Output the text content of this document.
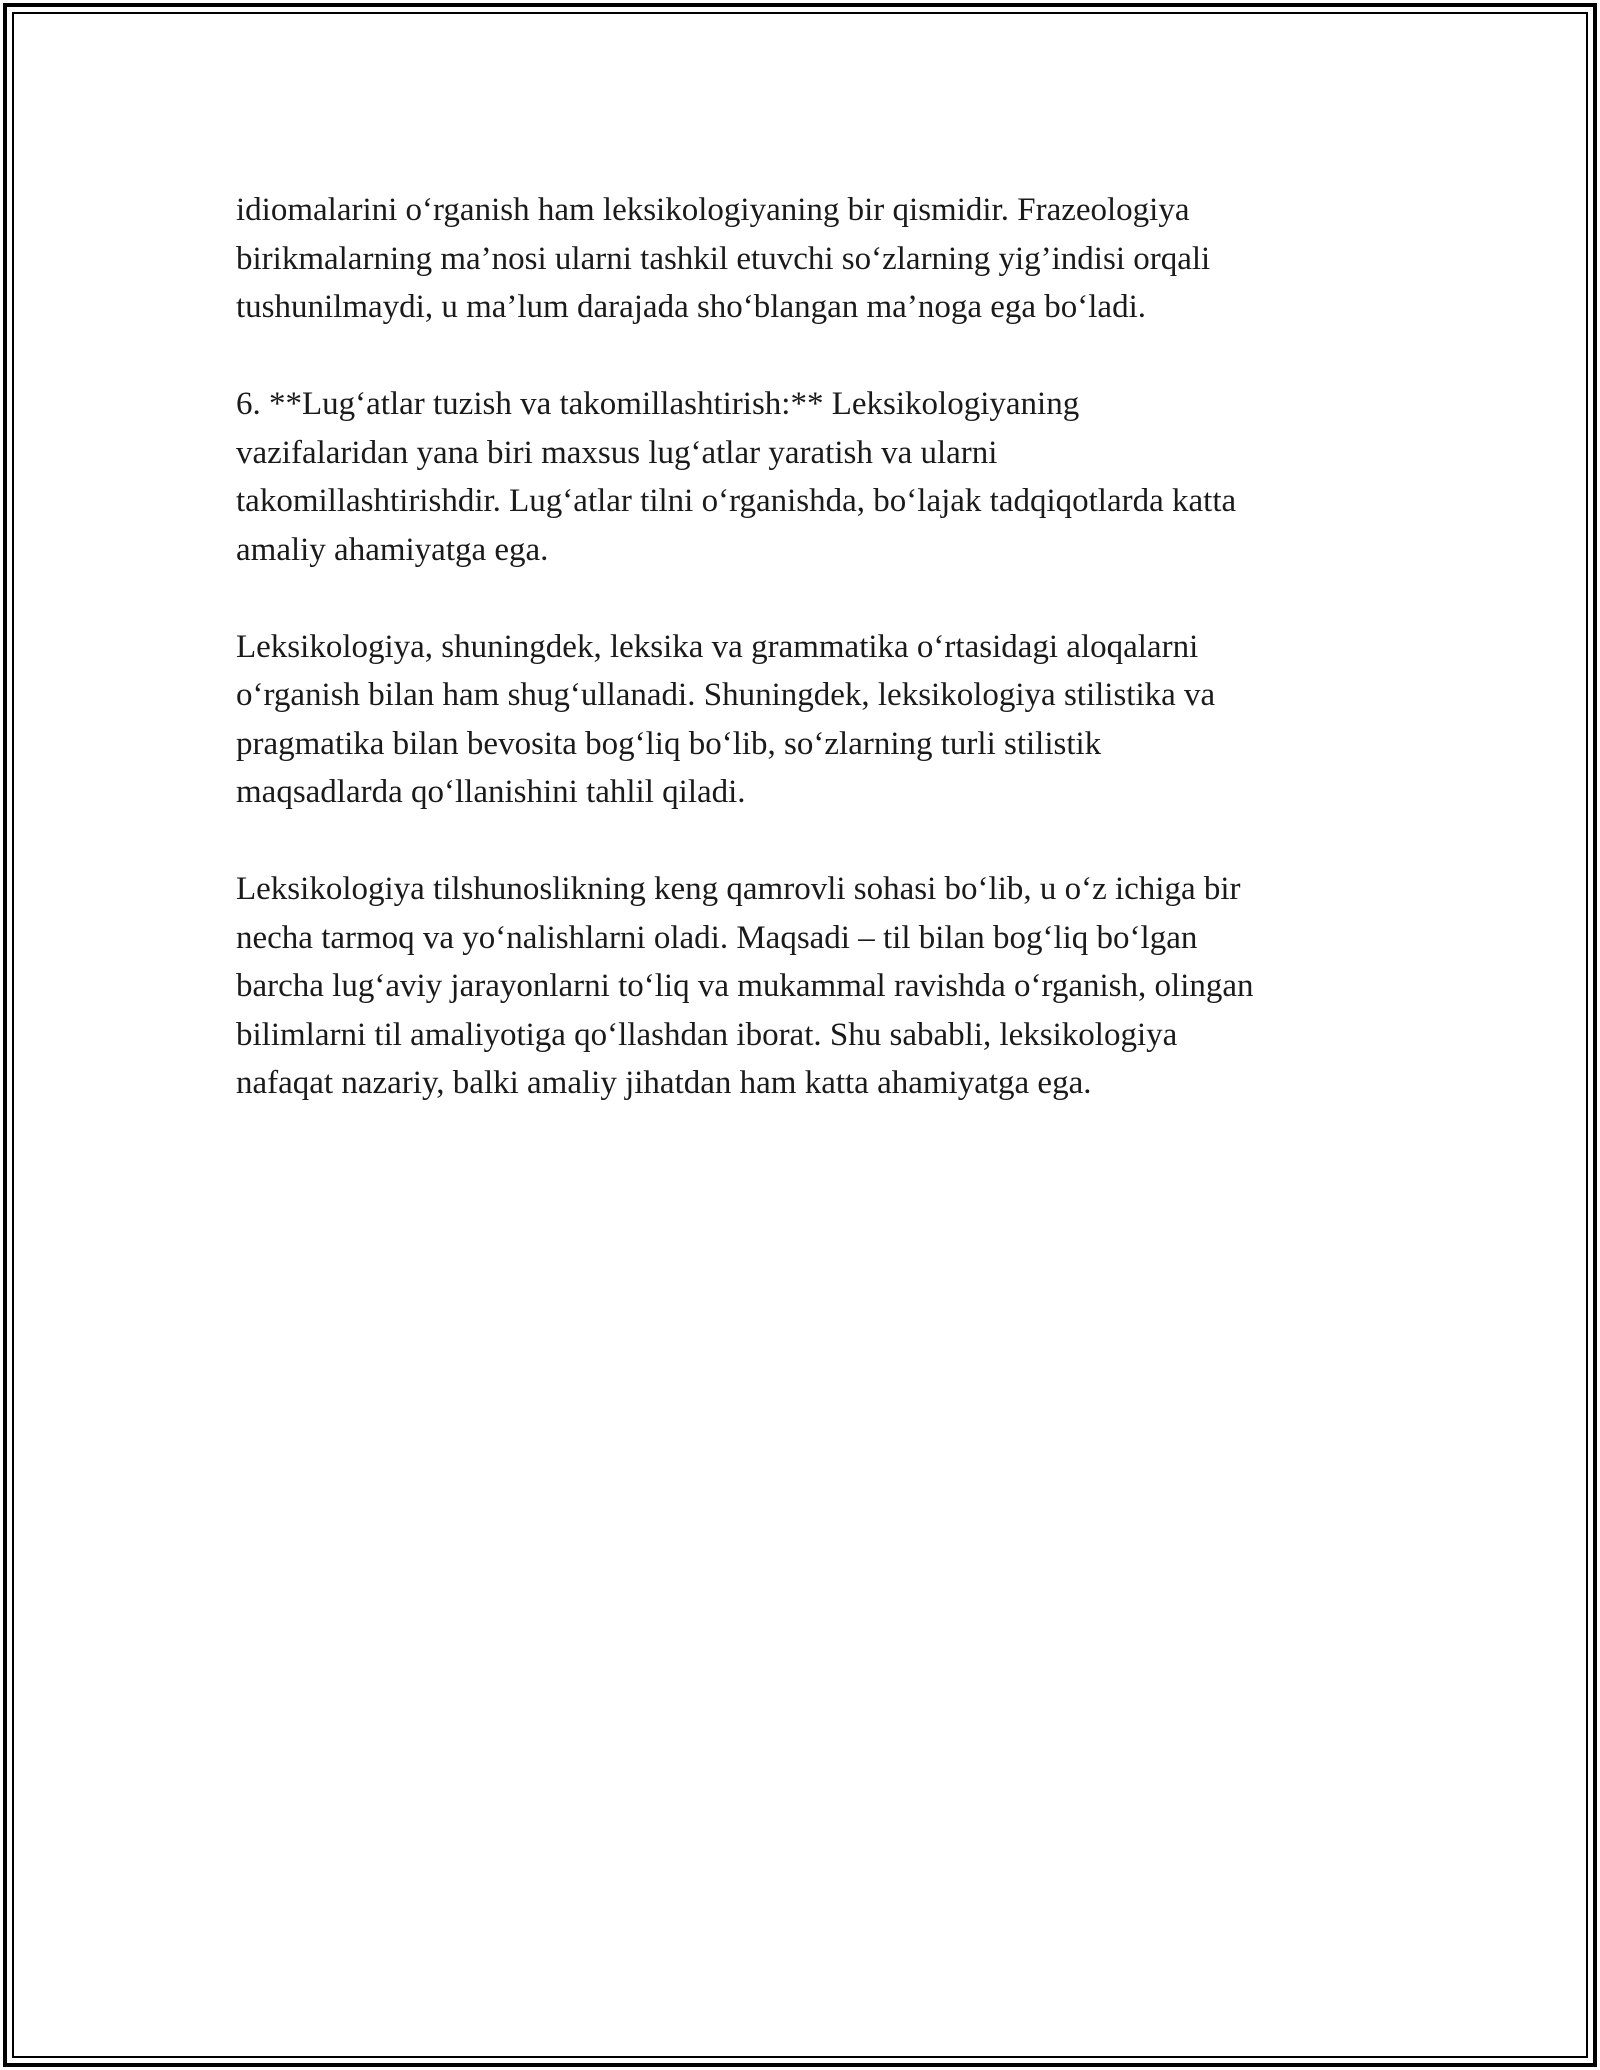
idiomalarini o‘rganish ham leksikologiyaning bir qismidir. Frazeologiya
birikmalarning ma’nosi ularni tashkil etuvchi so‘zlarning yig’indisi orqali
tushunilmaydi, u ma’lum darajada sho‘blangan ma’noga ega bo‘ladi.

6. **Lug‘atlar tuzish va takomillashtirish:** Leksikologiyaning
vazifalaridan yana biri maxsus lug‘atlar yaratish va ularni
takomillashtirishdir. Lug‘atlar tilni o‘rganishda, bo‘lajak tadqiqotlarda katta
amaliy ahamiyatga ega.

Leksikologiya, shuningdek, leksika va grammatika o‘rtasidagi aloqalarni
o‘rganish bilan ham shug‘ullanadi. Shuningdek, leksikologiya stilistika va
pragmatika bilan bevosita bog‘liq bo‘lib, so‘zlarning turli stilistik
maqsadlarda qo‘llanishini tahlil qiladi.

Leksikologiya tilshunoslikning keng qamrovli sohasi bo‘lib, u o‘z ichiga bir
necha tarmoq va yo‘nalishlarni oladi. Maqsadi – til bilan bog‘liq bo‘lgan
barcha lug‘aviy jarayonlarni to‘liq va mukammal ravishda o‘rganish, olingan
bilimlarni til amaliyotiga qo‘llashdan iborat. Shu sababli, leksikologiya
nafaqat nazariy, balki amaliy jihatdan ham katta ahamiyatga ega.
